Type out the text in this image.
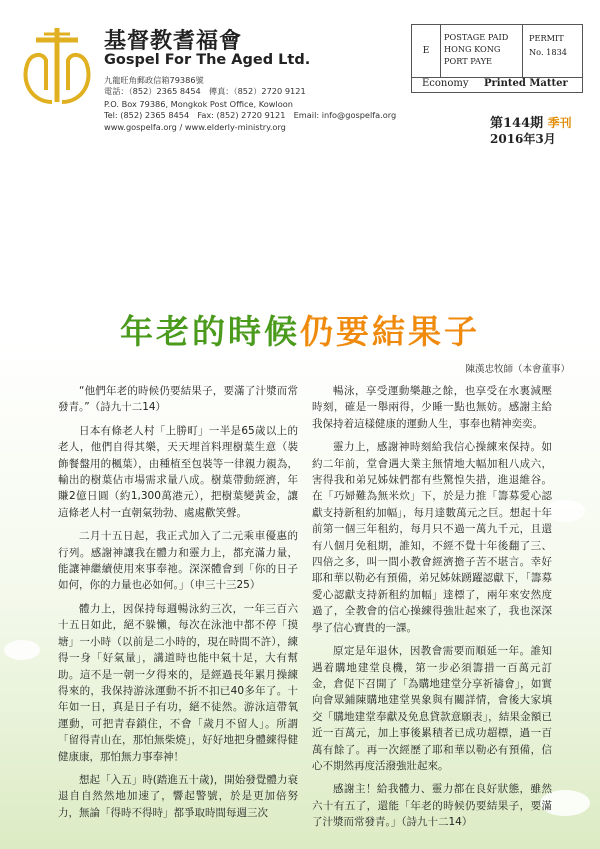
基督教耆福會
Gospel For The Aged Ltd.
九龍旺角郵政信箱79386號
電話：（852）2365 8454　傳真：（852）2720 9121
P.O. Box 79386, Mongkok Post Office, Kowloon
Tel: (852) 2365 8454　Fax: (852) 2720 9121　Email: info@gospelfa.org
www.gospelfa.org / www.elderly-ministry.org
E
POSTAGE PAID
HONG KONG
PORT PAYE
PERMIT
No. 1834
Economy Printed Matter
第144期 季刊
2016年3月
年老的時候仍要結果子
陳漢忠牧師（本會董事）

“他們年老的時候仍要結果子，要滿了汁漿而常發青。”（詩九十二14）

日本有條老人村「上勝町」一半是65歲以上的老人，他們自得其樂，天天埋首料理樹葉生意（裝飾餐盤用的楓葉），由種植至包裝等一律親力親為，輸出的樹葉佔市場需求量八成。樹葉帶動經濟，年賺2億日圓（約1,300萬港元），把樹葉變黃金，讓這條老人村一直朝氣勃勃、處處歡笑聲。

二月十五日起，我正式加入了二元乘車優惠的行列。感謝神讓我在體力和靈力上，都充滿力量，能讓神繼續使用來事奉祂。深深體會到「你的日子如何，你的力量也必如何。」（申三十三25）

體力上，因保持每週暢泳約三次，一年三百六十五日如此，絕不躲懶，每次在泳池中都不停「摸塘」一小時（以前是二小時的，現在時間不許），練得一身「好氣量」，講道時也能中氣十足，大有幫助。這不是一朝一夕得來的，是經過長年累月操練得來的，我保持游泳運動不折不扣已40多年了。十年如一日，真是日子有功，絕不徒然。游泳這帶氧運動，可把青春鎖住，不會「歲月不留人」。所謂「留得青山在，那怕無柴燒」，好好地把身體練得健健康康，那怕無力事奉神！

想起「入五」時(踏進五十歲)，開始發覺體力衰退自自然然地加速了，響起警號，於是更加倍努力，無論「得時不得時」都爭取時間每週三次

暢泳，享受運動樂趣之餘，也享受在水裏減壓時刻，確是一舉兩得，少睡一點也無妨。感謝主給我保持着這樣健康的運動人生，事奉也精神奕奕。

靈力上，感謝神時刻給我信心操練來保持。如約二年前，堂會遇大業主無情地大幅加租八成六，害得我和弟兄姊妹們都有些驚惶失措，進退維谷。在「巧婦難為無米炊」下，於是力推「籌募愛心認獻支持新租約加幅」，每月達數萬元之巨。想起十年前第一個三年租約，每月只不過一萬九千元，且還有八個月免租期，誰知，不經不覺十年後翻了三、四倍之多，叫一間小教會經濟擔子苦不堪言。幸好耶和華以勒必有預備，弟兄姊妹踴躍認獻下，「籌募愛心認獻支持新租約加幅」達標了，兩年來安然度過了，全教會的信心操練得強壯起來了，我也深深學了信心寶貴的一課。

原定是年退休，因教會需要而順延一年。誰知遇着購地建堂良機，第一步必須籌措一百萬元訂金，倉促下召開了「為購地建堂分享祈禱會」，如實向會眾鋪陳購地建堂異象與有關詳情，會後大家填交「購地建堂奉獻及免息貸款意願表」，結果金額已近一百萬元，加上事後累積者已成功超標，過一百萬有餘了。再一次經歷了耶和華以勒必有預備，信心不期然再度活潑強壯起來。

感謝主！給我體力、靈力都在良好狀態，雖然六十有五了，還能「年老的時候仍要結果子，要滿了汁漿而常發青。」（詩九十二14）
